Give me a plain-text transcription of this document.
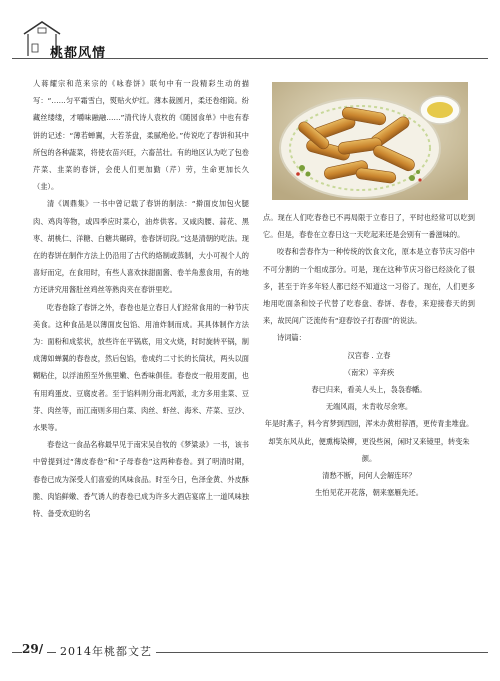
桃都风情

人蒋耀宗和范来宗的《咏春饼》联句中有一段精彩生动的描写：“……匀平霜雪白，熨贴火炉红。薄本裁圆月，柔还卷细筒。纷藏丝缕缕，才嚼味融融……”清代诗人袁枚的《随园食单》中也有春饼的记述：“薄若蝉翼，大若茶盘，柔腻绝伦。”传说吃了春饼和其中所包的各种蔬菜，将使农苗兴旺，六畜茁壮。有的地区认为吃了包卷芹菜、韭菜的春饼，会使人们更加勤（芹）劳，生命更加长久（韭）。

清《调鼎集》一书中曾记载了春饼的制法：“擀面皮加包火腿肉、鸡肉等物，或四季应时菜心，油炸供客。又咸肉腰、蒜花、黑枣、胡桃仁、洋糖、白糖共碾碎，卷春饼切段。”这是清朝的吃法。现在的春饼在制作方法上仍沿用了古代的烙制或蒸制，大小可视个人的喜好而定，在食用时，有些人喜欢抹甜面酱、卷羊角葱食用，有的地方还讲究用酱肚丝鸡丝等熟肉夹在春饼里吃。

吃春卷除了春饼之外，春卷也是立春日人们经常食用的一种节庆美食。这种食品是以薄面皮包馅、用油炸制而成。其具体制作方法为：面粉和成浆状，放些许在平锅底，用文火烧，时时旋转平锅，制成薄如蝉翼的春卷皮，然后包馅，卷成约二寸长的长筒状，两头以面糊粘住，以浮油煎至外焦里嫩、色香味俱佳。春卷皮一般用麦面，也有用鸡蛋皮、豆腐皮者。至于馅料则分南北两派，北方多用韭菜、豆芽、肉丝等，而江南则多用白菜、肉丝、虾丝、海米、芹菜、豆沙、水果等。

春卷这一食品名称最早见于南宋吴自牧的《梦粱录》一书，该书中曾提到过“薄皮春卷”和“子母春卷”这两种春卷。到了明清时期，春卷已成为深受人们喜爱的风味食品。时至今日，色泽金黄、外皮酥脆、肉馅鲜嫩、香气诱人的春卷已成为许多大酒店宴席上一道风味独特、备受欢迎的名

点。现在人们吃春卷已不再局限于立春日了，平时也经常可以吃到它。但是，春卷在立春日这一天吃起来还是会别有一番滋味的。

咬春和尝春作为一种传统的饮食文化，原本是立春节庆习俗中不可分割的一个组成部分。可是，现在这种节庆习俗已经淡化了很多，甚至于许多年轻人都已经不知道这一习俗了。现在，人们更多地用吃面条和饺子代替了吃春盘、春饼、春卷，来迎接春天的到来，故民间广泛流传有“迎春饺子打春面”的说法。

诗词篇：

汉宫春 . 立春

（南宋）辛弃疾

春已归来，看美人头上，袅袅春幡。

无端风雨，未肯收尽余寒。

年是时燕子，料今宵梦到西园，浑未办黄柑荐酒，更传青韭堆盘。

却笑东风从此，便熏梅染柳，更没些闲，闲时又来镜里，转变朱颜。

清愁不断，问何人会解连环？

生怕见花开花落，朝来塞雁先还。

29/	2014年桃都文艺
